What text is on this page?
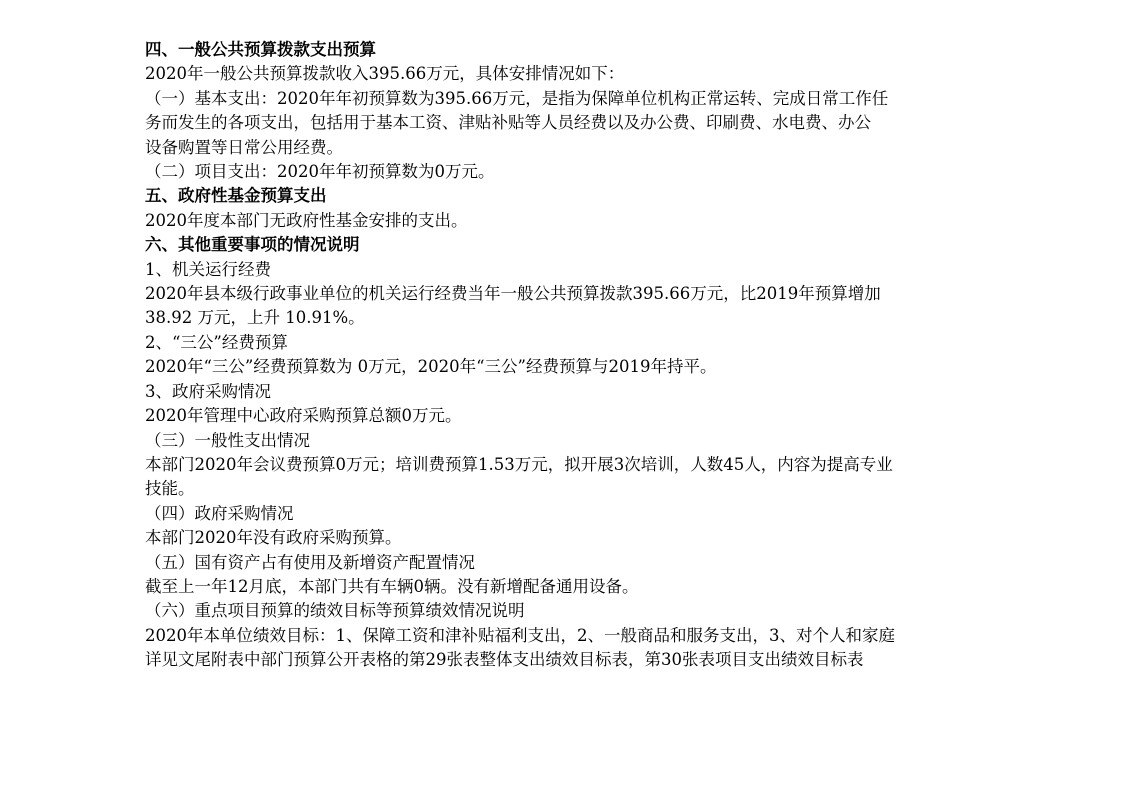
四、一般公共预算拨款支出预算

2020年一般公共预算拨款收入395.66万元，具体安排情况如下：

（一）基本支出：2020年年初预算数为395.66万元，是指为保障单位机构正常运转、完成日常工作任

务而发生的各项支出，包括用于基本工资、津贴补贴等人员经费以及办公费、印刷费、水电费、办公

设备购置等日常公用经费。

（二）项目支出：2020年年初预算数为0万元。

五、政府性基金预算支出

2020年度本部门无政府性基金安排的支出。

六、其他重要事项的情况说明

1、机关运行经费

2020年县本级行政事业单位的机关运行经费当年一般公共预算拨款395.66万元，比2019年预算增加

38.92 万元，上升 10.91%。

2、“三公”经费预算

2020年“三公”经费预算数为 0万元，2020年“三公”经费预算与2019年持平。

3、政府采购情况

2020年管理中心政府采购预算总额0万元。

（三）一般性支出情况

本部门2020年会议费预算0万元；培训费预算1.53万元，拟开展3次培训，人数45人，内容为提高专业

技能。

（四）政府采购情况

本部门2020年没有政府采购预算。

（五）国有资产占有使用及新增资产配置情况

截至上一年12月底，本部门共有车辆0辆。没有新增配备通用设备。

（六）重点项目预算的绩效目标等预算绩效情况说明

2020年本单位绩效目标：1、保障工资和津补贴福利支出，2、一般商品和服务支出，3、对个人和家庭

详见文尾附表中部门预算公开表格的第29张表整体支出绩效目标表，第30张表项目支出绩效目标表
